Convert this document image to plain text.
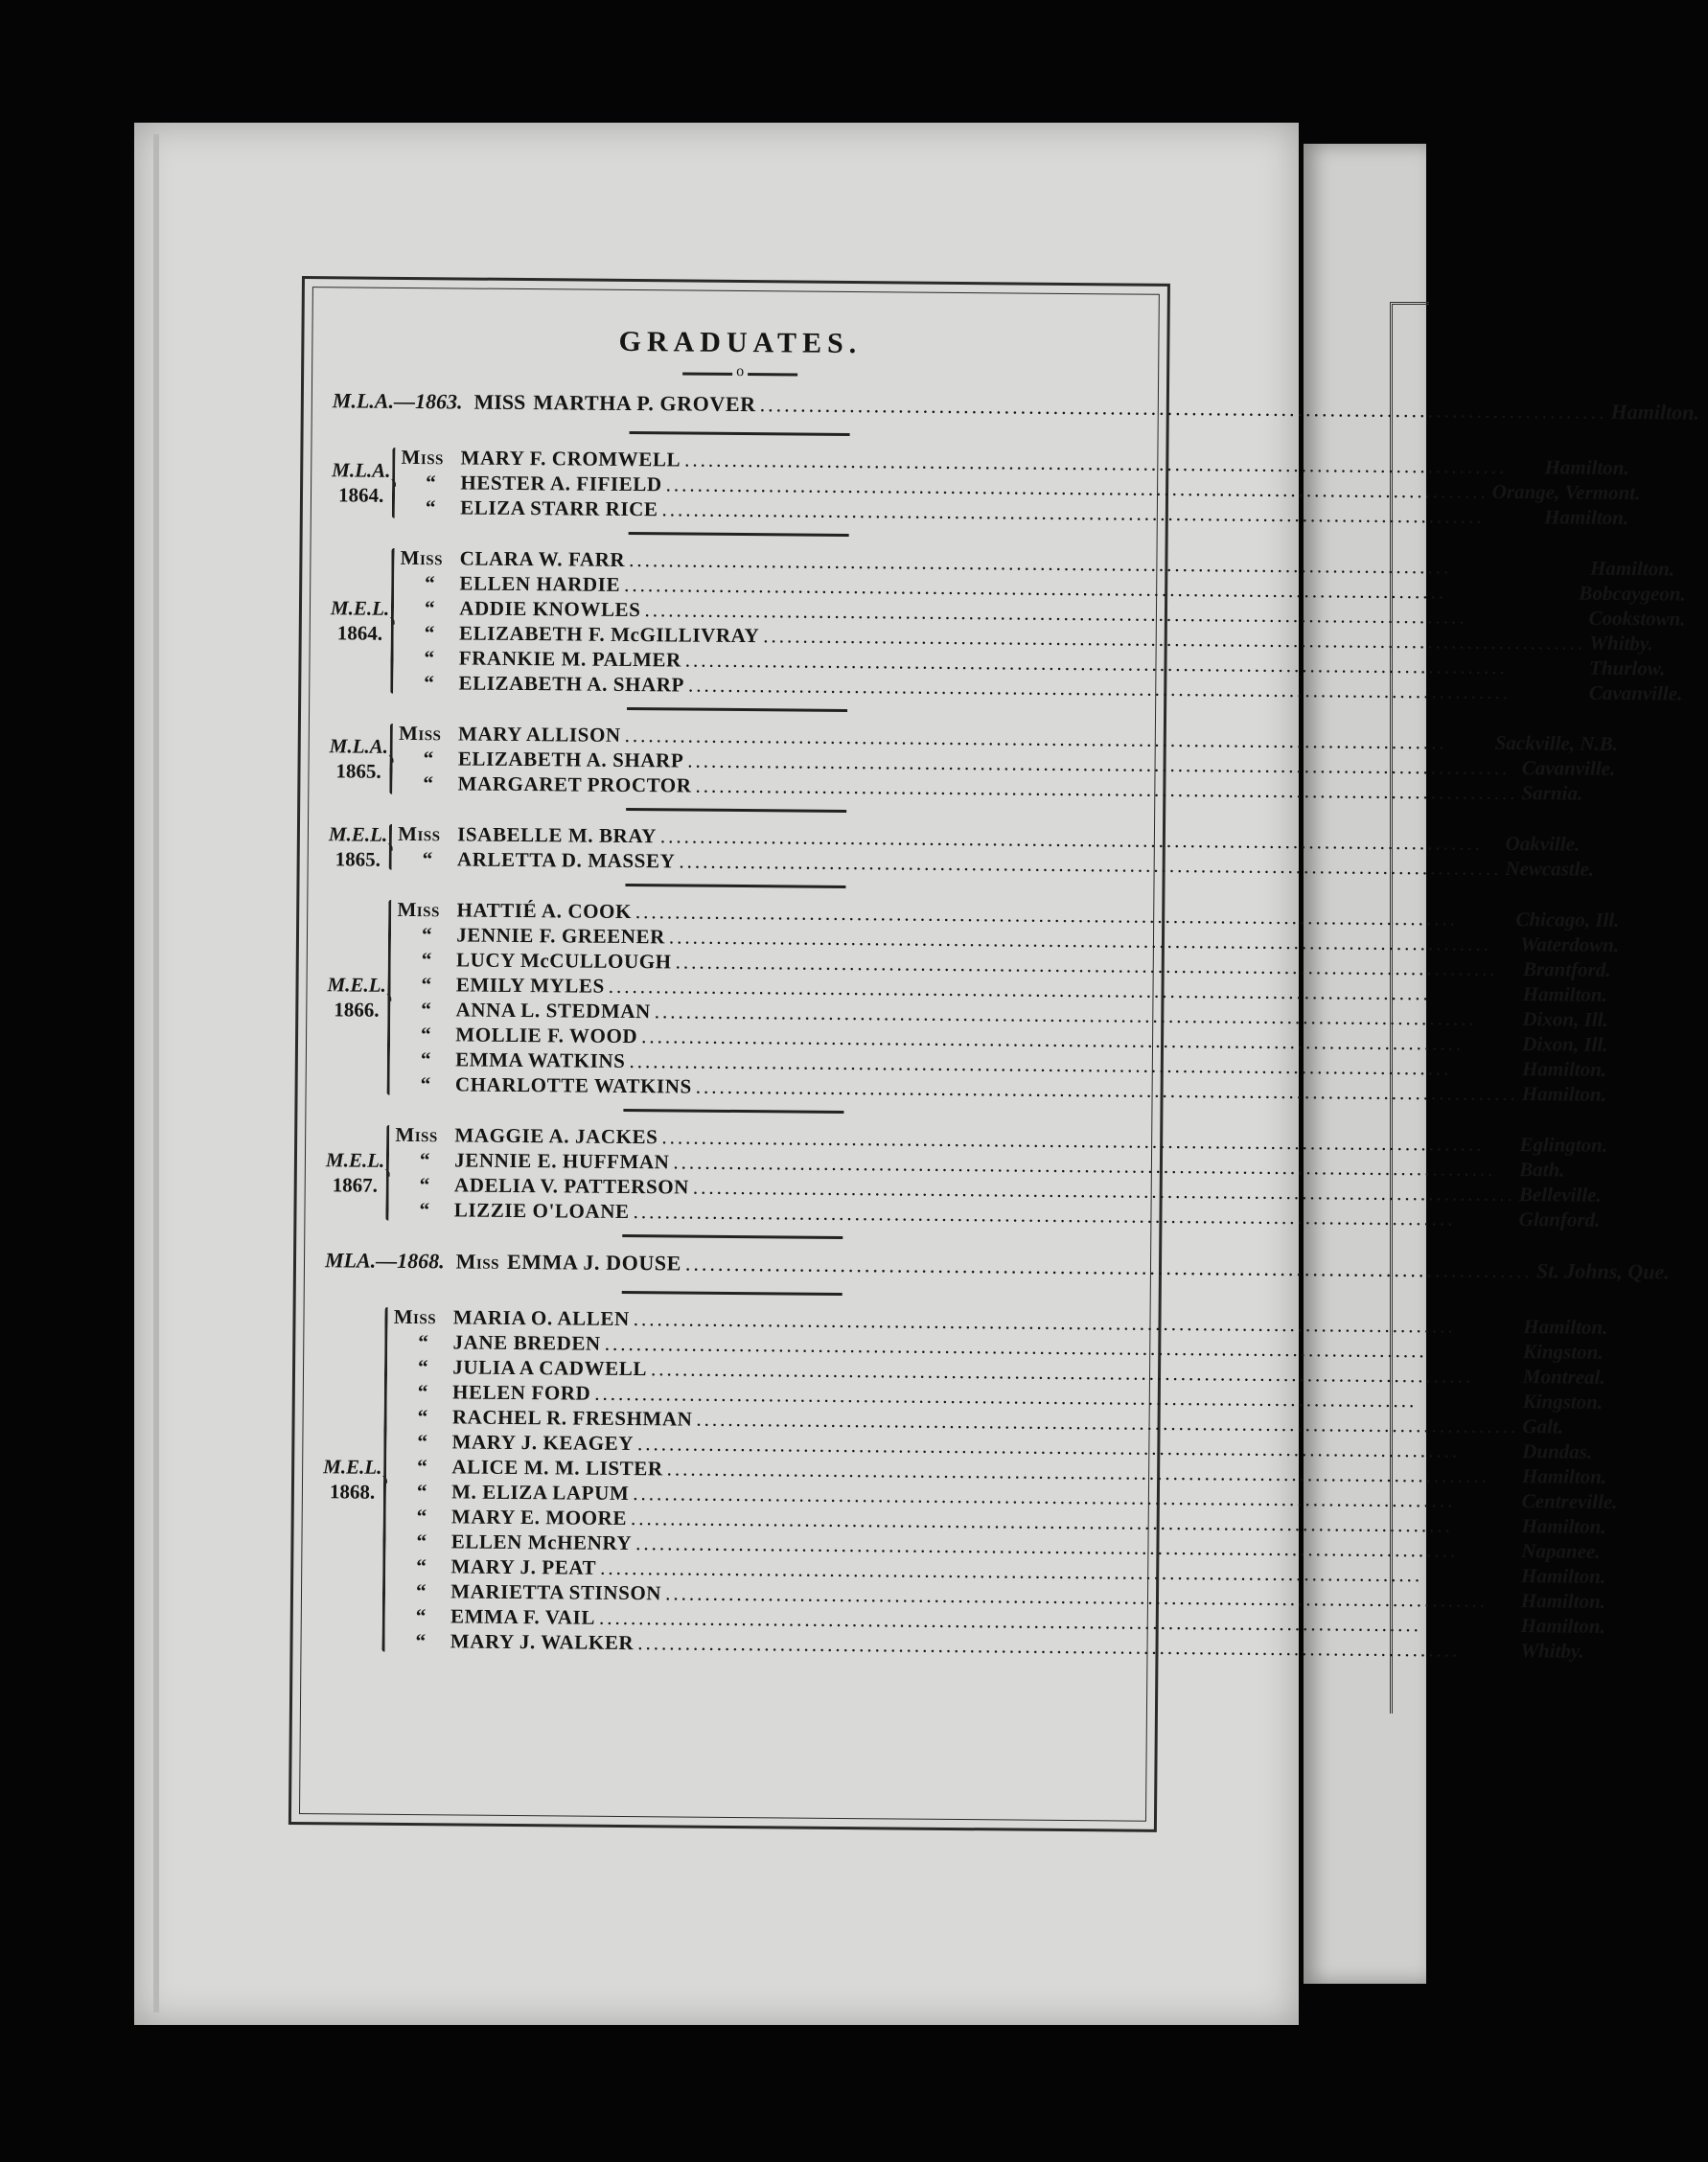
GRADUATES.
o
M.L.A.—1863. MISS MARTHA P. GROVER .....	Hamilton.
M.L.A.
1864.
Miss MARY F. CROMWELL .....	Hamilton.
“	HESTER A. FIFIELD .....	Orange, Vermont.
“	ELIZA STARR RICE .....	Hamilton.
M.E.L.
1864.
Miss CLARA W. FARR .....	Hamilton.
“	ELLEN HARDIE .....	Bobcaygeon.
“	ADDIE KNOWLES .....	Cookstown.
“	ELIZABETH F. McGILLIVRAY .....	Whitby.
“	FRANKIE M. PALMER .....	Thurlow.
“	ELIZABETH A. SHARP .....	Cavanville.
M.L.A.
1865.
Miss MARY ALLISON .....	Sackville, N.B.
“	ELIZABETH A. SHARP .....	Cavanville.
“	MARGARET PROCTOR .....	Sarnia.
M.E.L.
1865.
Miss ISABELLE M. BRAY .....	Oakville.
“	ARLETTA D. MASSEY .....	Newcastle.
M.E.L.
1866.
Miss HATTIÉ A. COOK .....	Chicago, Ill.
“	JENNIE F. GREENER .....	Waterdown.
“	LUCY McCULLOUGH .....	Brantford.
“	EMILY MYLES .....	Hamilton.
“	ANNA L. STEDMAN .....	Dixon, Ill.
“	MOLLIE F. WOOD .....	Dixon, Ill.
“	EMMA WATKINS .....	Hamilton.
“	CHARLOTTE WATKINS .....	Hamilton.
M.E.L.
1867.
Miss MAGGIE A. JACKES .....	Eglington.
“	JENNIE E. HUFFMAN .....	Bath.
“	ADELIA V. PATTERSON .....	Belleville.
“	LIZZIE O'LOANE .....	Glanford.
MLA.—1868. Miss EMMA J. DOUSE .....	St. Johns, Que.
M.E.L.
1868.
Miss MARIA O. ALLEN .....	Hamilton.
“	JANE BREDEN .....	Kingston.
“	JULIA A CADWELL .....	Montreal.
“	HELEN FORD .....	Kingston.
“	RACHEL R. FRESHMAN .....	Galt.
“	MARY J. KEAGEY .....	Dundas.
“	ALICE M. M. LISTER .....	Hamilton.
“	M. ELIZA LAPUM .....	Centreville.
“	MARY E. MOORE .....	Hamilton.
“	ELLEN McHENRY .....	Napanee.
“	MARY J. PEAT .....	Hamilton.
“	MARIETTA STINSON .....	Hamilton.
“	EMMA F. VAIL .....	Hamilton.
“	MARY J. WALKER .....	Whitby.
